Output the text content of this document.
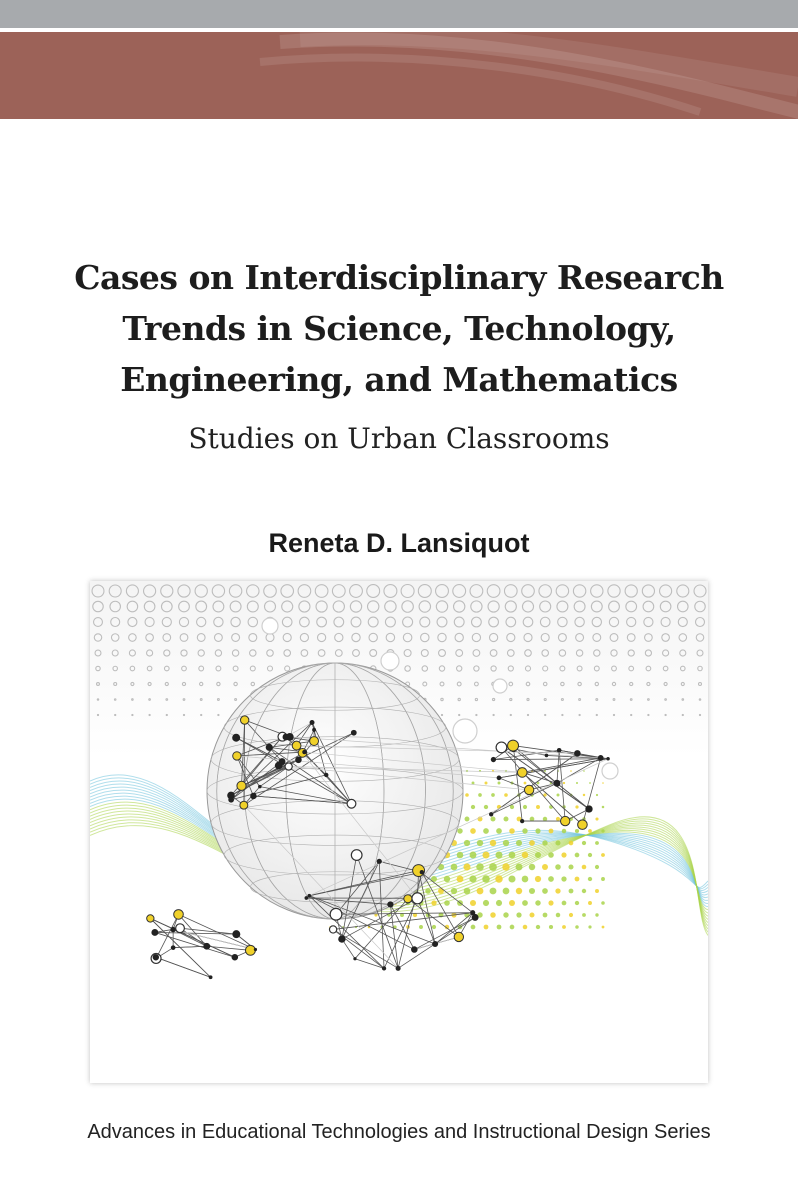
Cases on Interdisciplinary Research
Trends in Science, Technology,
Engineering, and Mathematics
Studies on Urban Classrooms
Reneta D. Lansiquot
Advances in Educational Technologies and Instructional Design Series
